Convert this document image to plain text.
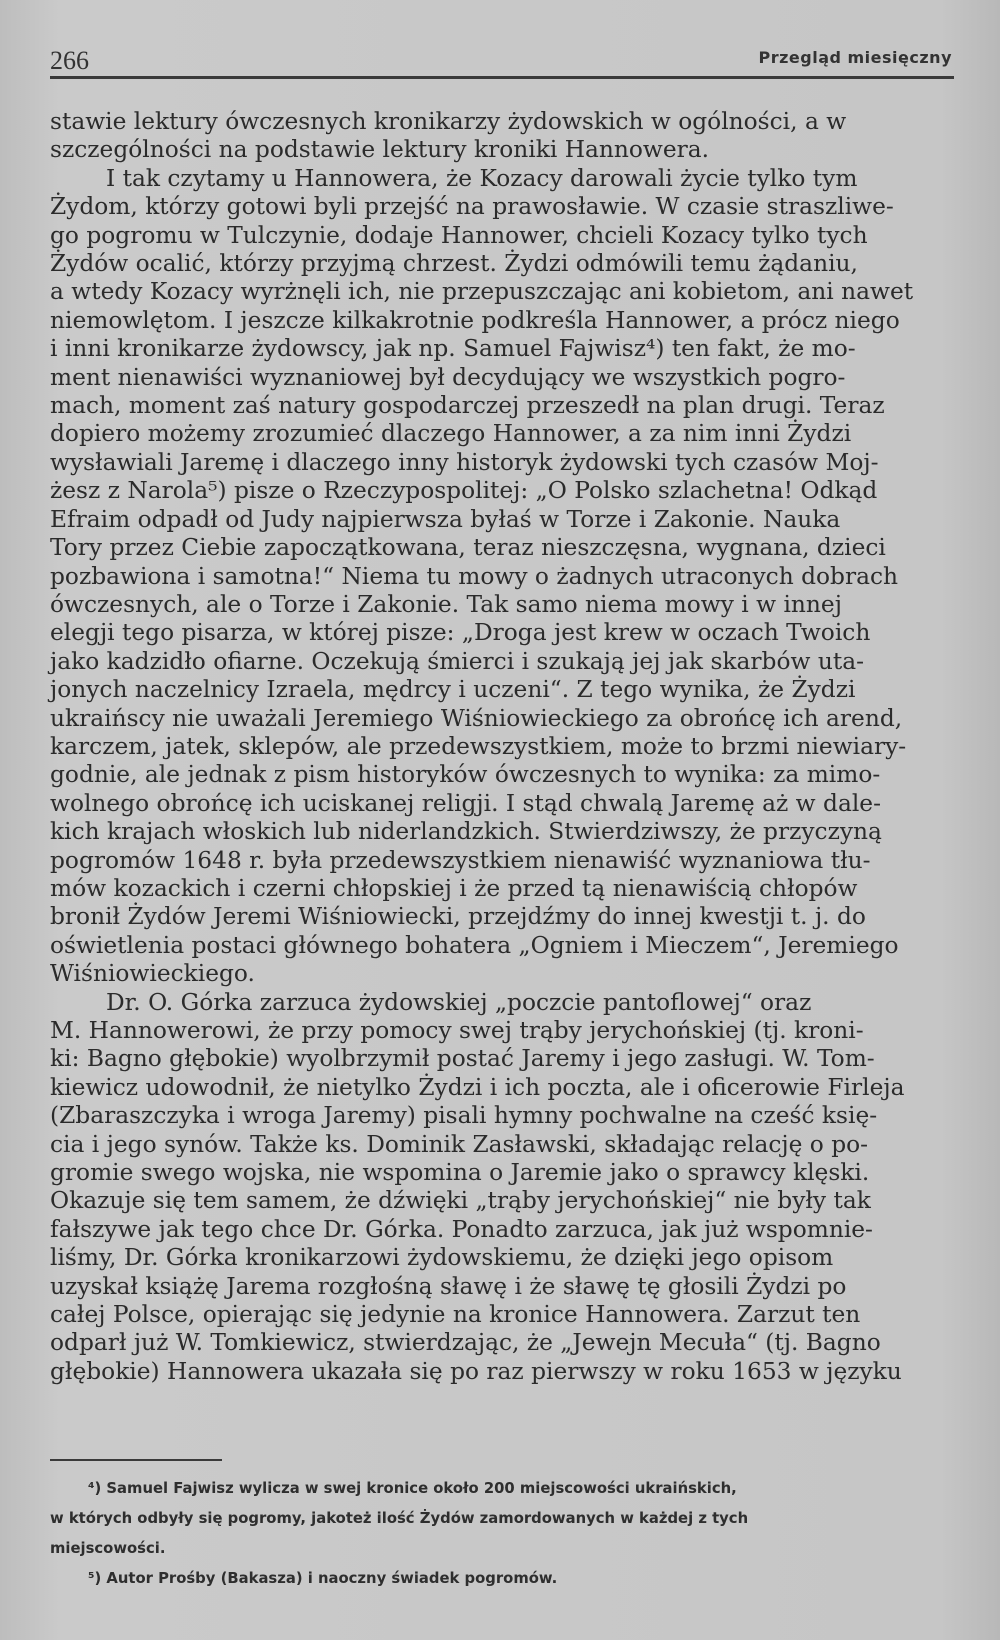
266	Przegląd miesięczny
stawie lektury ówczesnych kronikarzy żydowskich w ogólności, a w
szczególności na podstawie lektury kroniki Hannowera.
I tak czytamy u Hannowera, że Kozacy darowali życie tylko tym
Żydom, którzy gotowi byli przejść na prawosławie. W czasie straszliwe-
go pogromu w Tulczynie, dodaje Hannower, chcieli Kozacy tylko tych
Żydów ocalić, którzy przyjmą chrzest. Żydzi odmówili temu żądaniu,
a wtedy Kozacy wyrżnęli ich, nie przepuszczając ani kobietom, ani nawet
niemowlętom. I jeszcze kilkakrotnie podkreśla Hannower, a prócz niego
i inni kronikarze żydowscy, jak np. Samuel Fajwisz⁴) ten fakt, że mo-
ment nienawiści wyznaniowej był decydujący we wszystkich pogro-
mach, moment zaś natury gospodarczej przeszedł na plan drugi. Teraz
dopiero możemy zrozumieć dlaczego Hannower, a za nim inni Żydzi
wysławiali Jaremę i dlaczego inny historyk żydowski tych czasów Moj-
żesz z Narola⁵) pisze o Rzeczypospolitej: „O Polsko szlachetna! Odkąd
Efraim odpadł od Judy najpierwsza byłaś w Torze i Zakonie. Nauka
Tory przez Ciebie zapoczątkowana, teraz nieszczęsna, wygnana, dzieci
pozbawiona i samotna!“ Niema tu mowy o żadnych utraconych dobrach
ówczesnych, ale o Torze i Zakonie. Tak samo niema mowy i w innej
elegji tego pisarza, w której pisze: „Droga jest krew w oczach Twoich
jako kadzidło ofiarne. Oczekują śmierci i szukają jej jak skarbów uta-
jonych naczelnicy Izraela, mędrcy i uczeni“. Z tego wynika, że Żydzi
ukraińscy nie uważali Jeremiego Wiśniowieckiego za obrońcę ich arend,
karczem, jatek, sklepów, ale przedewszystkiem, może to brzmi niewiary-
godnie, ale jednak z pism historyków ówczesnych to wynika: za mimo-
wolnego obrońcę ich uciskanej religji. I stąd chwalą Jaremę aż w dale-
kich krajach włoskich lub niderlandzkich. Stwierdziwszy, że przyczyną
pogromów 1648 r. była przedewszystkiem nienawiść wyznaniowa tłu-
mów kozackich i czerni chłopskiej i że przed tą nienawiścią chłopów
bronił Żydów Jeremi Wiśniowiecki, przejdźmy do innej kwestji t. j. do
oświetlenia postaci głównego bohatera „Ogniem i Mieczem“, Jeremiego
Wiśniowieckiego.
Dr. O. Górka zarzuca żydowskiej „poczcie pantoflowej“ oraz
M. Hannowerowi, że przy pomocy swej trąby jerychońskiej (tj. kroni-
ki: Bagno głębokie) wyolbrzymił postać Jaremy i jego zasługi. W. Tom-
kiewicz udowodnił, że nietylko Żydzi i ich poczta, ale i oficerowie Firleja
(Zbaraszczyka i wroga Jaremy) pisali hymny pochwalne na cześć księ-
cia i jego synów. Także ks. Dominik Zasławski, składając relację o po-
gromie swego wojska, nie wspomina o Jaremie jako o sprawcy klęski.
Okazuje się tem samem, że dźwięki „trąby jerychońskiej“ nie były tak
fałszywe jak tego chce Dr. Górka. Ponadto zarzuca, jak już wspomnie-
liśmy, Dr. Górka kronikarzowi żydowskiemu, że dzięki jego opisom
uzyskał książę Jarema rozgłośną sławę i że sławę tę głosili Żydzi po
całej Polsce, opierając się jedynie na kronice Hannowera. Zarzut ten
odparł już W. Tomkiewicz, stwierdzając, że „Jewejn Mecuła“ (tj. Bagno
głębokie) Hannowera ukazała się po raz pierwszy w roku 1653 w języku
⁴) Samuel Fajwisz wylicza w swej kronice około 200 miejscowości ukraińskich,
w których odbyły się pogromy, jakoteż ilość Żydów zamordowanych w każdej z tych
miejscowości.
⁵) Autor Prośby (Bakasza) i naoczny świadek pogromów.
